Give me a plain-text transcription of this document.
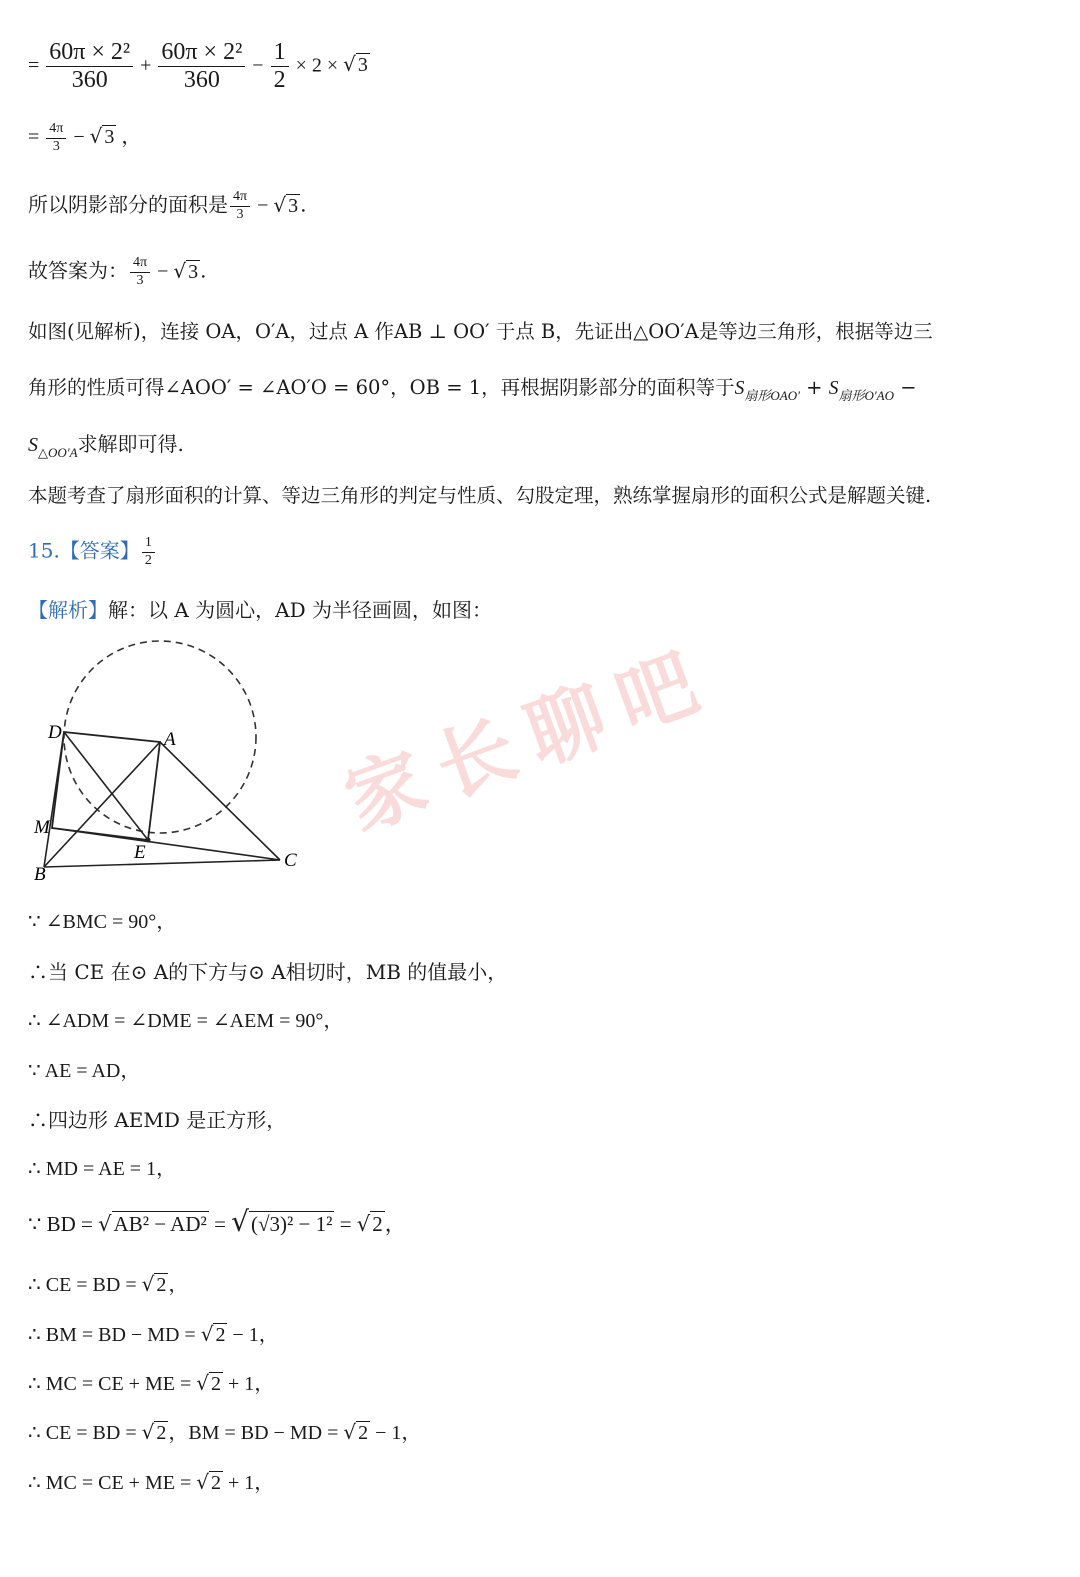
家长聊吧
= $\frac{\text{60π × 2²}}{360} + \frac{\text{60π × 2²}}{360} - \frac{1}{2} \times 2$ × √ 3
= $\frac{4\pi}{3}$ − √ 3 ，
所以阴影部分的面积是 $\frac{4\pi}{3}$ − √ 3 .
故答案为： $\frac{4\pi}{3}$ − √ 3 .
如图(见解析)，连接 OA，O′A，过点 A 作AB ⊥ OO′ 于点 B，先证出△OO′A是等边三角形，根据等边三
角形的性质可得∠AOO′ = ∠AO′O = 60°，OB = 1，再根据阴影部分的面积等于$S_{扇形OAO'} + S_{扇形O'AO}$ −
$S_{\triangle OO'A}$求解即可得.
本题考查了扇形面积的计算、等边三角形的判定与性质、勾股定理，熟练掌握扇形的面积公式是解题关键.
15.【答案】 $\frac{1}{2}$
【解析】解：以 A 为圆心，AD 为半径画圆，如图：
D	A
M
E
B
C
∵ ∠BMC = 90°，
∴当 CE 在⊙ A的下方与⊙ A相切时，MB 的值最小，
∴ ∠ADM = ∠DME = ∠AEM = 90°，
∵ AE = AD，
∴四边形 AEMD 是正方形，
∴ MD = AE = 1，
∵ BD = √AB² − AD² = √(√3)² − 1² = √2，
∴ CE = BD = √ 2 ，
∴ BM = BD − MD = √ 2 − 1，
∴ MC = CE + ME = √ 2 + 1，
∴ CE = BD = √ 2 ，BM = BD − MD = √ 2 − 1，
∴ MC = CE + ME = √ 2 + 1，
